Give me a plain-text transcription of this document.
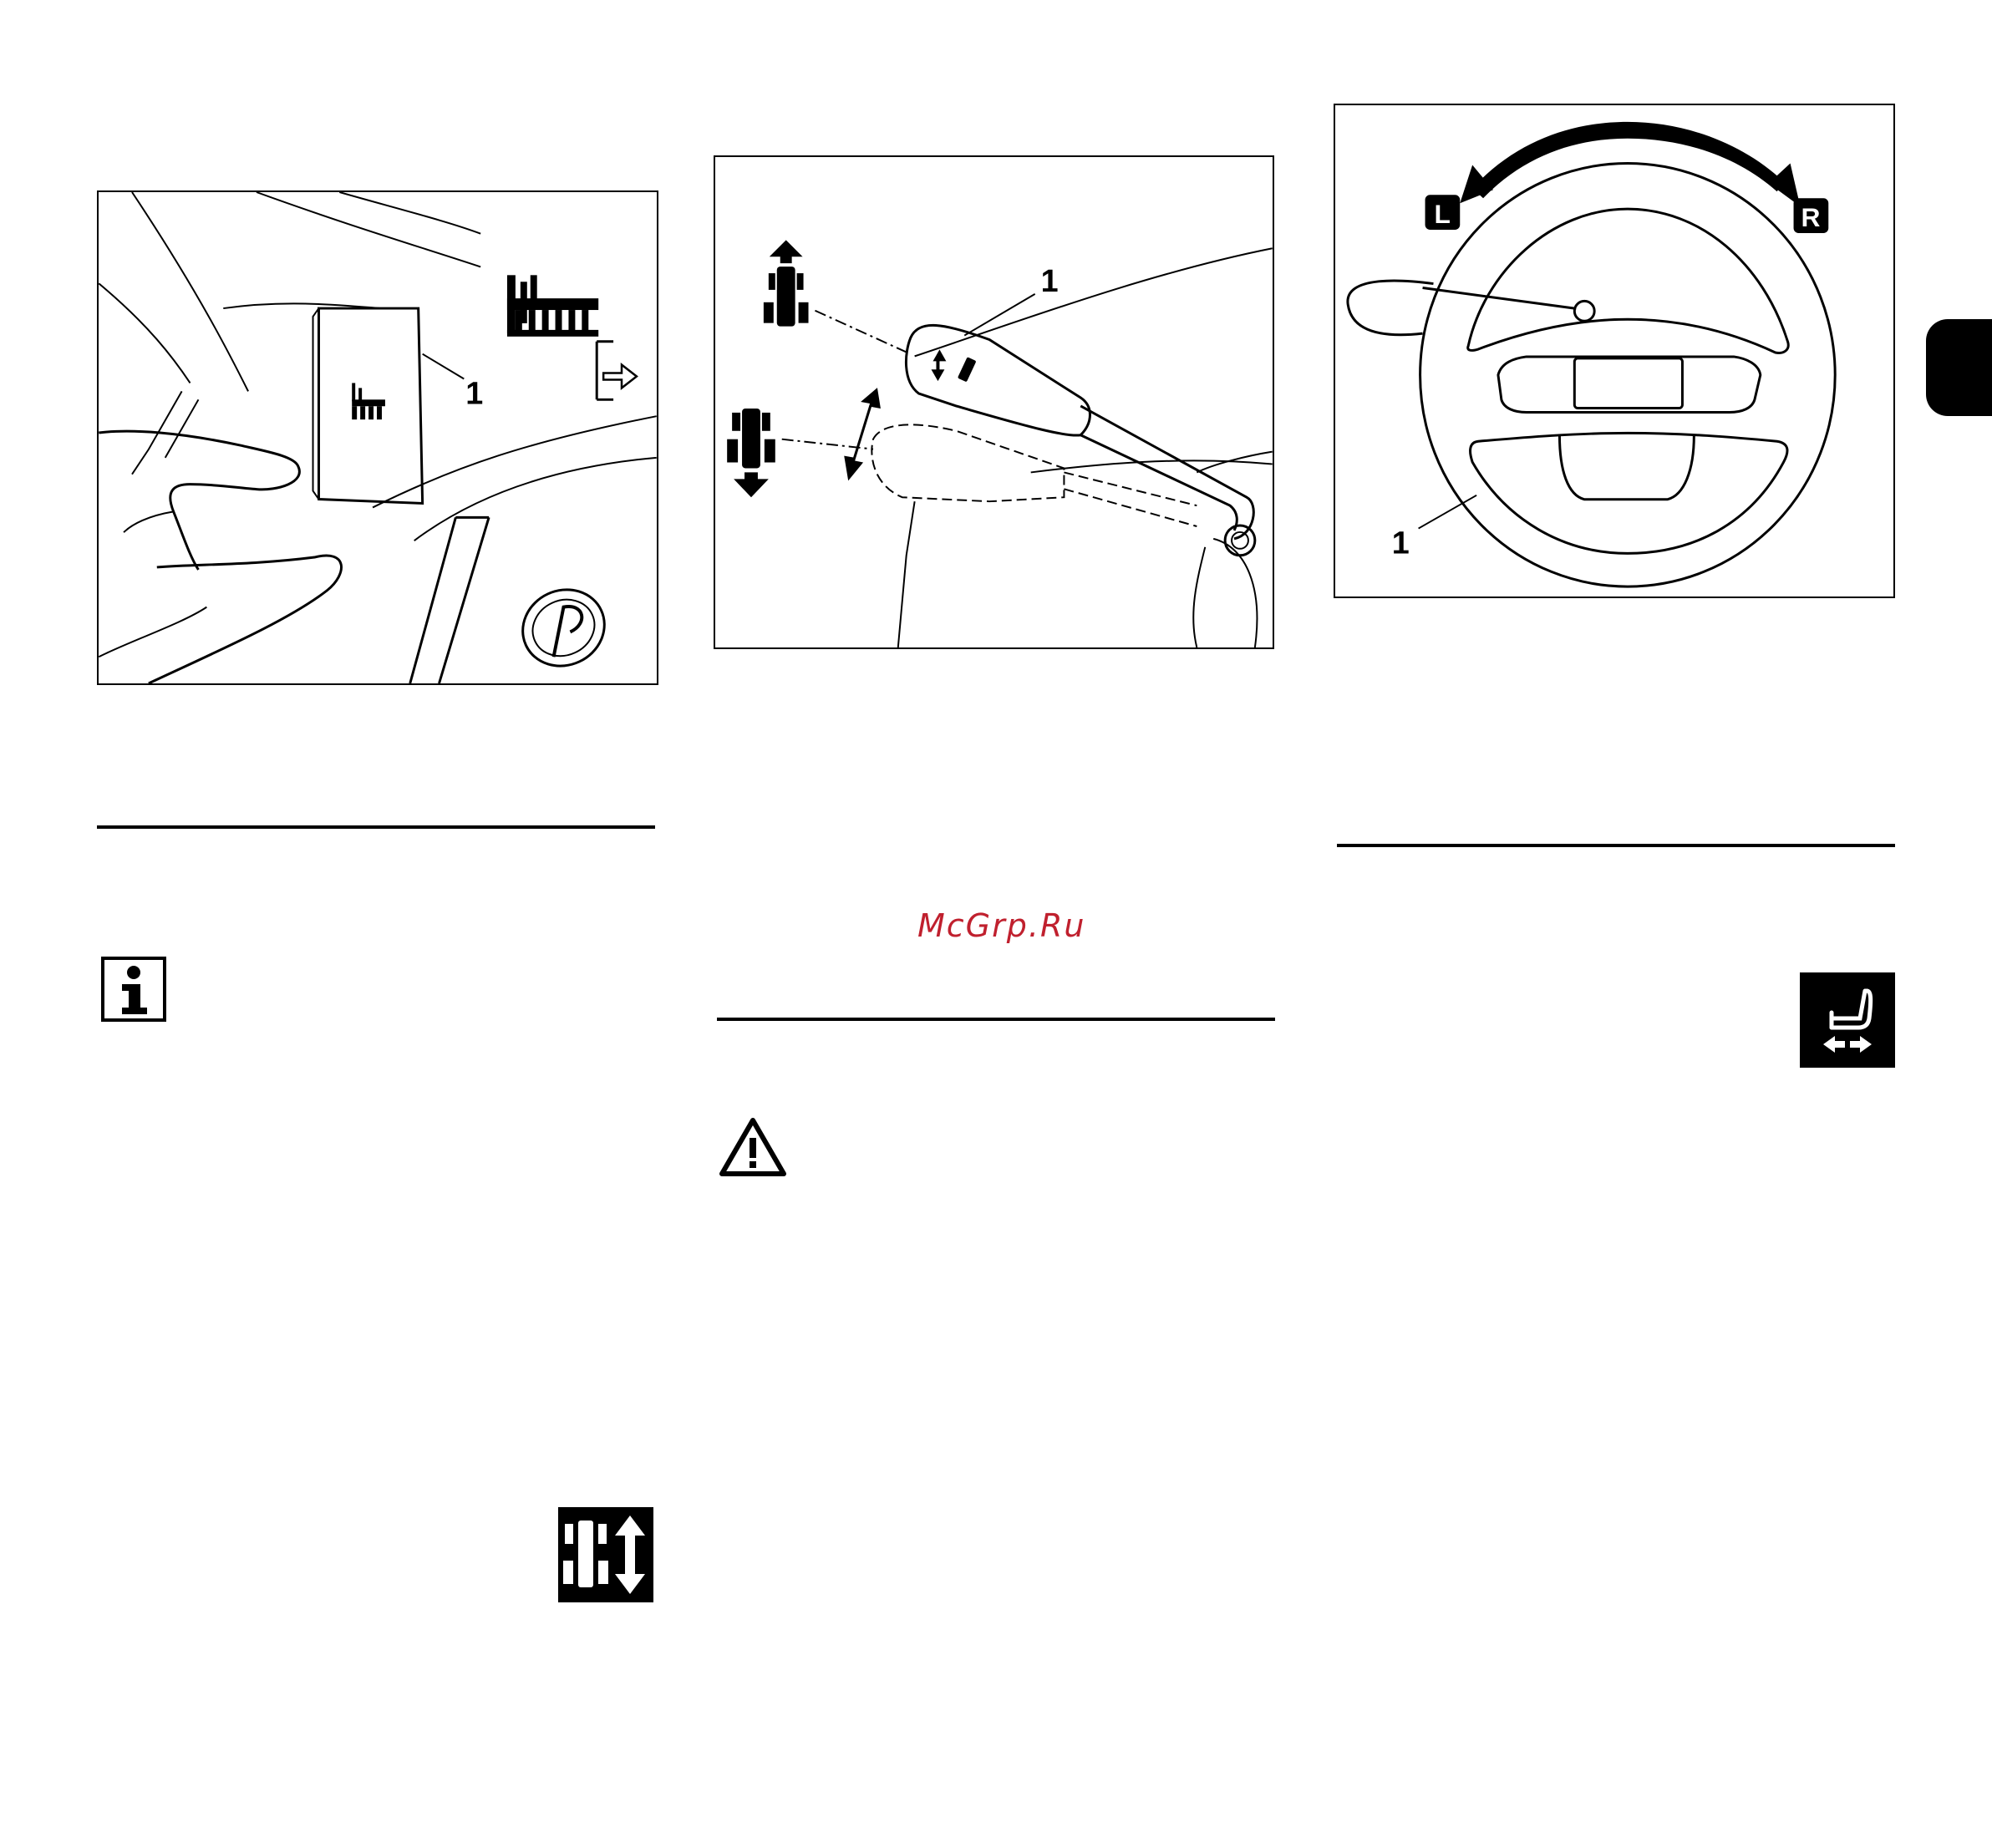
1
1
L	R
1
McGrp.Ru
